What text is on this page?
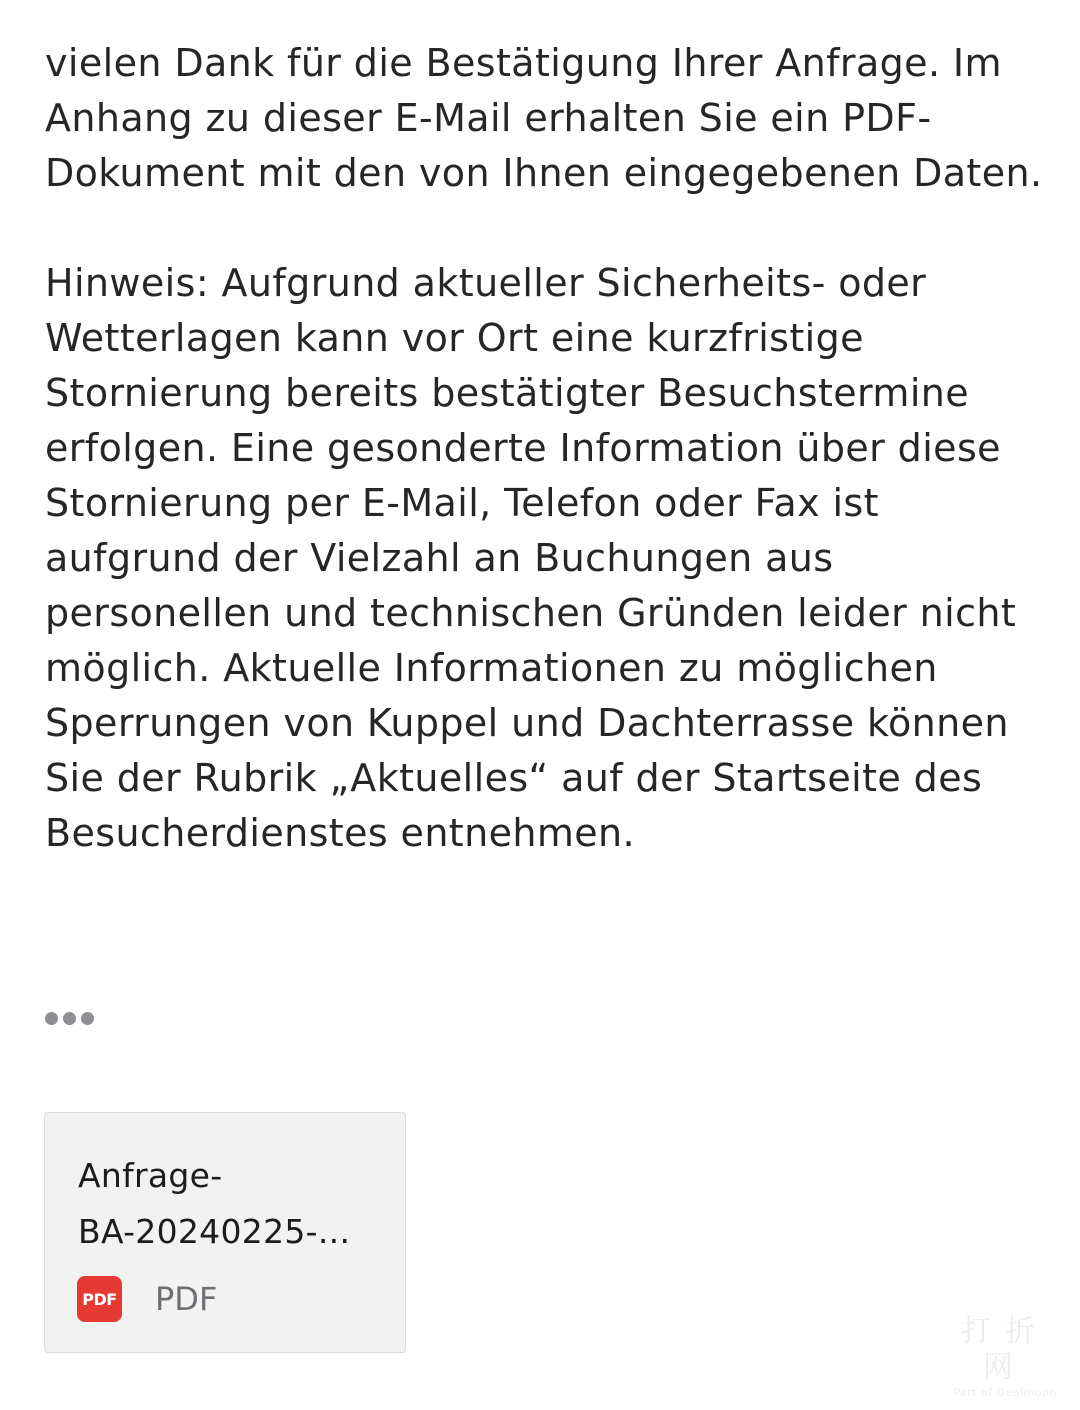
vielen Dank für die Bestätigung Ihrer Anfrage. Im Anhang zu dieser E-Mail erhalten Sie ein PDF-Dokument mit den von Ihnen eingegebenen Daten.

Hinweis: Aufgrund aktueller Sicherheits- oder Wetterlagen kann vor Ort eine kurzfristige Stornierung bereits bestätigter Besuchstermine erfolgen. Eine gesonderte Information über diese Stornierung per E-Mail, Telefon oder Fax ist aufgrund der Vielzahl an Buchungen aus personellen und technischen Gründen leider nicht möglich. Aktuelle Informationen zu möglichen Sperrungen von Kuppel und Dachterrasse können Sie der Rubrik „Aktuelles“ auf der Startseite des Besucherdienstes entnehmen.

Anfrage-
BA-20240225-...
PDF PDF
打折网
Part of Dealmoon
